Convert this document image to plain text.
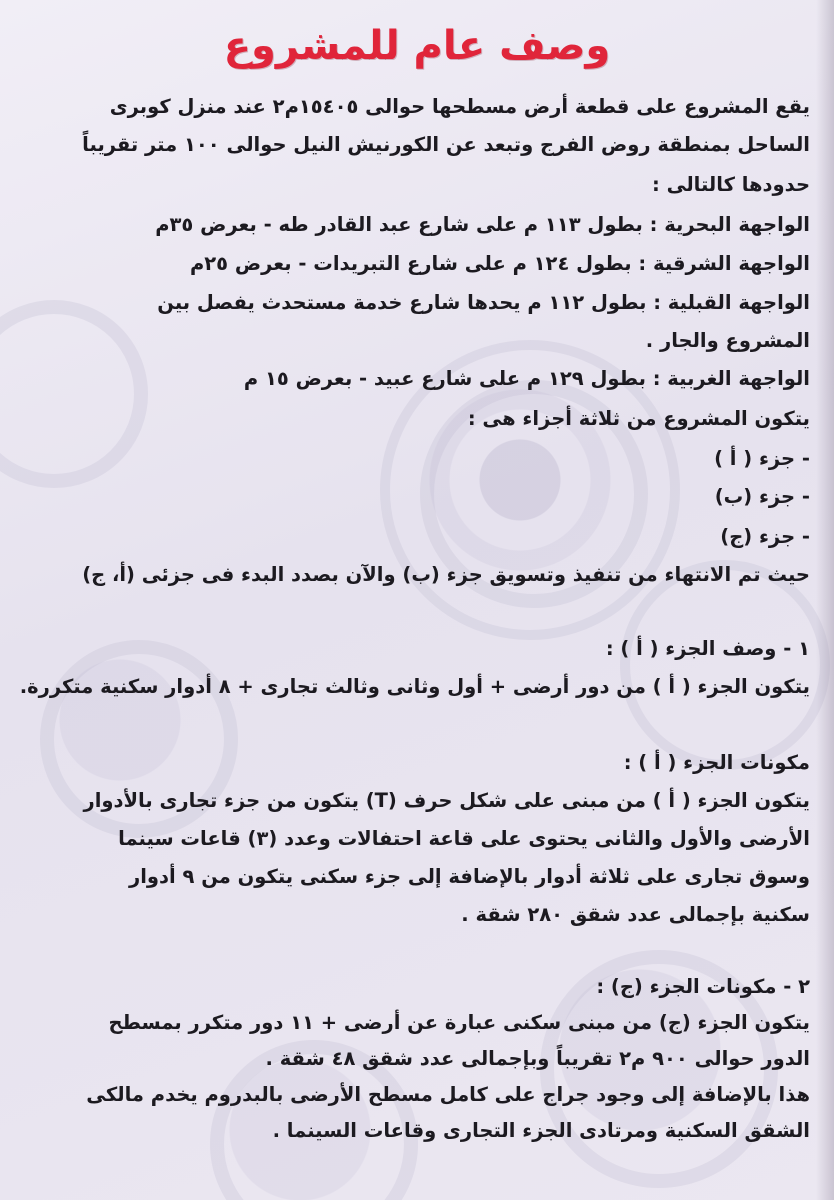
وصف عام للمشروع
يقع المشروع على قطعة أرض مسطحها حوالى ١٥٤٠٥م٢ عند منزل كوبرى
الساحل بمنطقة روض الفرج وتبعد عن الكورنيش النيل حوالى ١٠٠ متر تقريباً
حدودها كالتالى :
الواجهة البحرية : بطول ١١٣ م على شارع عبد القادر طه - بعرض ٣٥م
الواجهة الشرقية : بطول ١٢٤ م على شارع التبريدات - بعرض ٢٥م
الواجهة القبلية : بطول ١١٢ م يحدها شارع خدمة مستحدث يفصل بين
المشروع والجار .
الواجهة الغربية : بطول ١٢٩ م على شارع عبيد - بعرض ١٥ م
يتكون المشروع من ثلاثة أجزاء هى :
- جزء ( أ )
- جزء (ب)
- جزء (ج)
حيث تم الانتهاء من تنفيذ وتسويق جزء (ب) والآن بصدد البدء فى جزئى (أ، ج)
١ - وصف الجزء ( أ ) :
يتكون الجزء ( أ ) من دور أرضى + أول وثانى وثالث تجارى + ٨ أدوار سكنية متكررة.
مكونات الجزء ( أ ) :
يتكون الجزء ( أ ) من مبنى على شكل حرف (T) يتكون من جزء تجارى بالأدوار
الأرضى والأول والثانى يحتوى على قاعة احتفالات وعدد (٣) قاعات سينما
وسوق تجارى على ثلاثة أدوار بالإضافة إلى جزء سكنى يتكون من ٩ أدوار
سكنية بإجمالى عدد شقق ٢٨٠ شقة .
٢ - مكونات الجزء (ج) :
يتكون الجزء (ج) من مبنى سكنى عبارة عن أرضى + ١١ دور متكرر بمسطح
الدور حوالى ٩٠٠ م٢ تقريباً وبإجمالى عدد شقق ٤٨ شقة .
هذا بالإضافة إلى وجود جراج على كامل مسطح الأرضى بالبدروم يخدم مالكى
الشقق السكنية ومرتادى الجزء التجارى وقاعات السينما .
